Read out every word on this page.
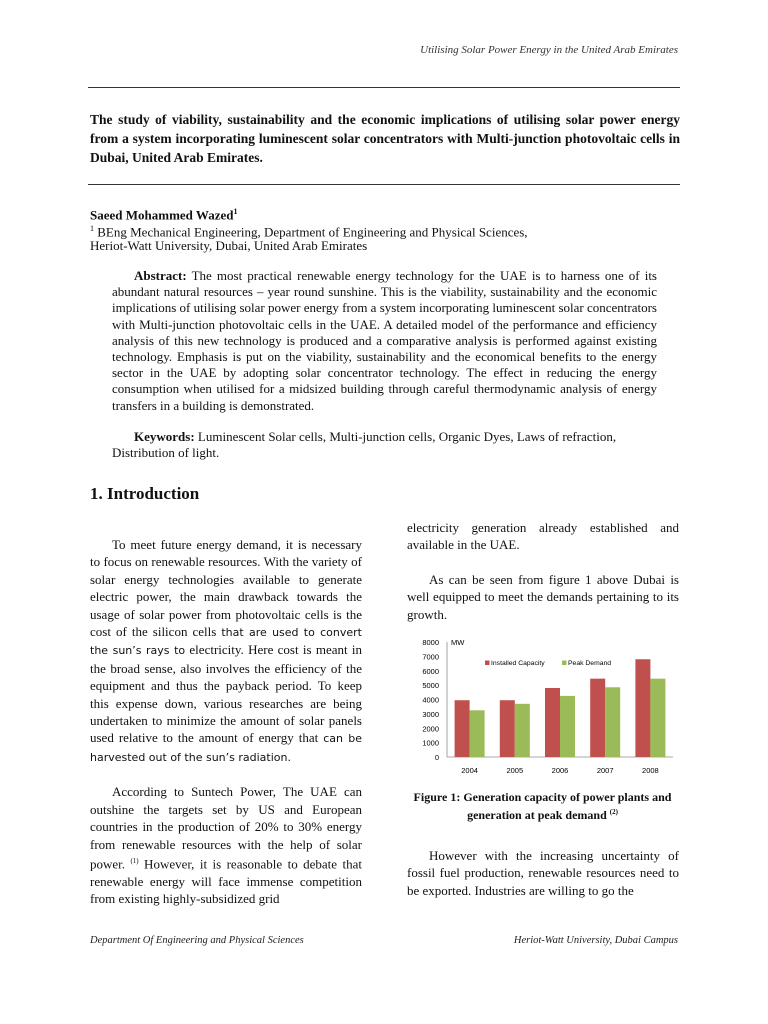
Utilising Solar Power Energy in the United Arab Emirates
The study of viability, sustainability and the economic implications of utilising solar power energy from a system incorporating luminescent solar concentrators with Multi-junction photovoltaic cells in Dubai, United Arab Emirates.
Saeed Mohammed Wazed$^1$
$^1$ BEng Mechanical Engineering, Department of Engineering and Physical Sciences,
Heriot-Watt University, Dubai, United Arab Emirates
Abstract: The most practical renewable energy technology for the UAE is to harness one of its abundant natural resources – year round sunshine. This is the viability, sustainability and the economic implications of utilising solar power energy from a system incorporating luminescent solar concentrators with Multi-junction photovoltaic cells in the UAE. A detailed model of the performance and efficiency analysis of this new technology is produced and a comparative analysis is performed against existing technology. Emphasis is put on the viability, sustainability and the economical benefits to the energy sector in the UAE by adopting solar concentrator technology. The effect in reducing the energy consumption when utilised for a midsized building through careful thermodynamic analysis of energy transfers in a building is demonstrated.
Keywords: Luminescent Solar cells, Multi-junction cells, Organic Dyes, Laws of refraction, Distribution of light.
1. Introduction

To meet future energy demand, it is necessary to focus on renewable resources. With the variety of solar energy technologies available to generate electric power, the main drawback towards the usage of solar power from photovoltaic cells is the cost of the silicon cells that are used to convert the sun’s rays to electricity. Here cost is meant in the broad sense, also involves the efficiency of the equipment and thus the payback period. To keep this expense down, various researches are being undertaken to minimize the amount of solar panels used relative to the amount of energy that can be harvested out of the sun’s radiation.

According to Suntech Power, The UAE can outshine the targets set by US and European countries in the production of 20% to 30% energy from renewable resources with the help of solar power. $^{(1)}$ However, it is reasonable to debate that renewable energy will face immense competition from existing highly-subsidized grid

electricity generation already established and available in the UAE.

As can be seen from figure 1 above Dubai is well equipped to meet the demands pertaining to its growth.

0
1000
2000
3000
4000
5000
6000
7000
8000 MW
Installed Capacity	Peak Demand
2004	2005	2006	2007	2008
Figure 1: Generation capacity of power plants and generation at peak demand $^{(2)}$

However with the increasing uncertainty of fossil fuel production, renewable resources need to be exported. Industries are willing to go the

Department Of Engineering and Physical Sciences	Heriot-Watt University, Dubai Campus
